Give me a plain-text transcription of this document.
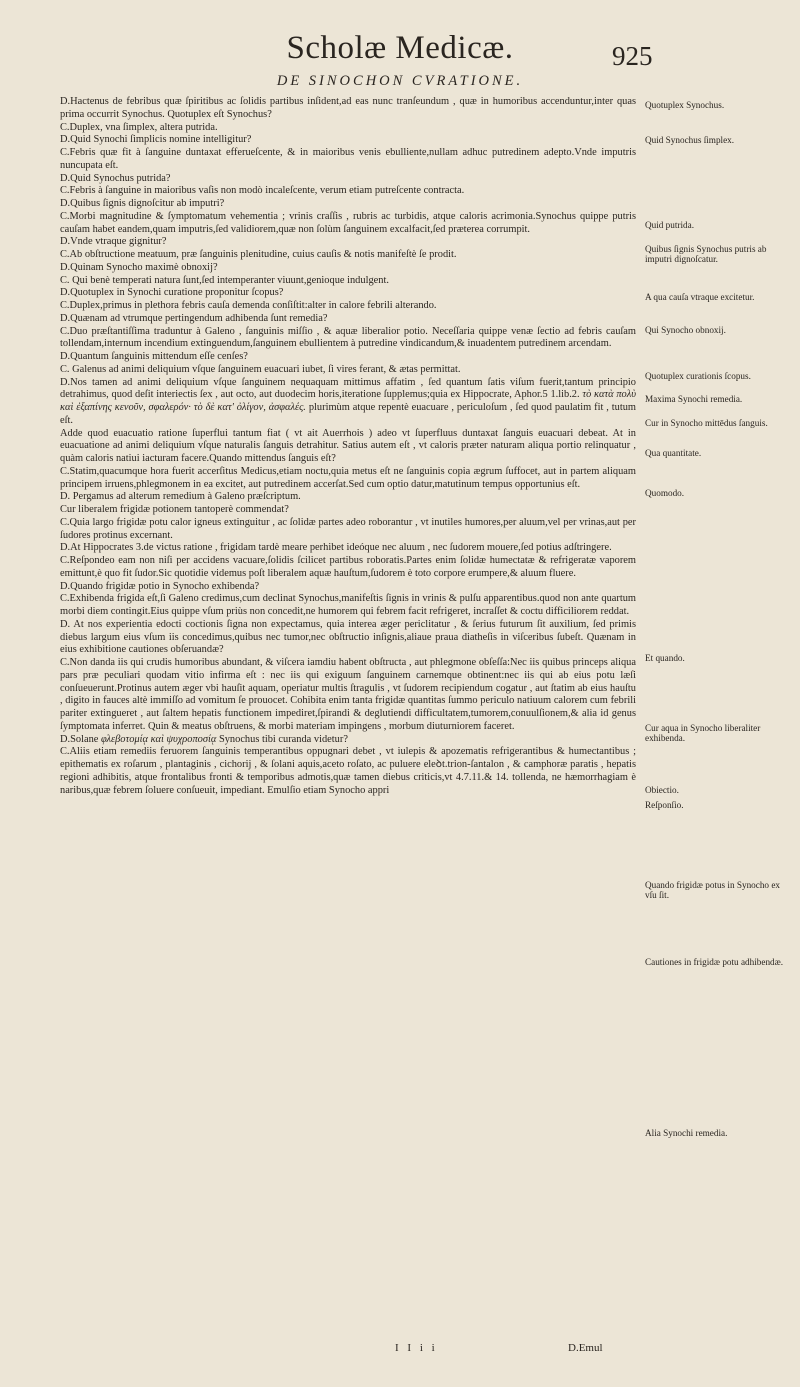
Scholæ Medicæ.	925
DE SINOCHON CVRATIONE.

D.Hactenus de febribus quæ ſpiritibus ac ſolidis partibus inſident,ad eas nunc tranſeundum , quæ in humoribus accenduntur,inter quas prima occurrit Synochus. Quotuplex eſt Synochus?

C.Duplex, vna ſimplex, altera putrida.

D.Quid Synochi ſimplicis nomine intelligitur?

C.Febris quæ fit à ſanguine duntaxat efferueſcente, & in maioribus venis ebulliente,nullam adhuc putredinem adepto.Vnde imputris nuncupata eſt.

D.Quid Synochus putrida?

C.Febris à ſanguine in maioribus vaſis non modò incaleſcente, verum etiam putreſcente contracta.

D.Quibus ſignis dignoſcitur ab imputri?

C.Morbi magnitudine & ſymptomatum vehementia ; vrinis craſſis , rubris ac turbidis, atque caloris acrimonia.Synochus quippe putris cauſam habet eandem,quam imputris,ſed validiorem,quæ non ſolùm ſanguinem excalfacit,ſed præterea corrumpit.

D.Vnde vtraque gignitur?

C.Ab obſtructione meatuum, præ ſanguinis plenitudine, cuius cauſis & notis manifeſtè ſe prodit.

D.Quinam Synocho maximè obnoxij?

C. Qui benè temperati natura ſunt,ſed intemperanter viuunt,genioque indulgent.

D.Quotuplex in Synochi curatione proponitur ſcopus?

C.Duplex,primus in plethora febris cauſa demenda conſiſtit:alter in calore febrili alterando.

D.Quænam ad vtrumque pertingendum adhibenda ſunt remedia?

C.Duo præſtantiſſima traduntur à Galeno , ſanguinis miſſio , & aquæ liberalior potio. Neceſſaria quippe venæ ſectio ad febris cauſam tollendam,internum incendium extinguendum,ſanguinem ebullientem à putredine vindicandum,& inuadentem putredinem arcendam.

D.Quantum ſanguinis mittendum eſſe cenſes?

C. Galenus ad animi deliquium vſque ſanguinem euacuari iubet, ſi vires ferant, & ætas permittat.

D.Nos tamen ad animi deliquium vſque ſanguinem nequaquam mittimus affatim , ſed quantum ſatis viſum fuerit,tantum principio detrahimus, quod deſit interiectis ſex , aut octo, aut duodecim horis,iteratione ſupplemus;quia ex Hippocrate, Aphor.5 1.lib.2. τὸ κατὰ πολὺ καὶ ἐξαπίνης κενοῦν, σφαλερόν· τὸ δὲ κατ' ὀλίγον, ἀσφαλές. plurimùm atque repentè euacuare , periculoſum , ſed quod paulatim fit , tutum eſt.

Adde quod euacuatio ratione ſuperflui tantum fiat ( vt ait Auerrhois ) adeo vt ſuperfluus duntaxat ſanguis euacuari debeat. At in euacuatione ad animi deliquium vſque naturalis ſanguis detrahitur. Satius autem eſt , vt caloris præter naturam aliqua portio relinquatur , quàm caloris natiui iacturam facere.Quando mittendus ſanguis eſt?

C.Statim,quacumque hora fuerit accerſitus Medicus,etiam noctu,quia metus eſt ne ſanguinis copia ægrum ſuffocet, aut in partem aliquam principem irruens,phlegmonem in ea excitet, aut putredinem accerſat.Sed cum optio datur,matutinum tempus opportunius eſt.

D. Pergamus ad alterum remedium à Galeno præſcriptum.

Cur liberalem frigidæ potionem tantoperè commendat?

C.Quia largo frigidæ potu calor igneus extinguitur , ac ſolidæ partes adeo roborantur , vt inutiles humores,per aluum,vel per vrinas,aut per ſudores protinus excernant.

D.At Hippocrates 3.de victus ratione , frigidam tardè meare perhibet ideóque nec aluum , nec ſudorem mouere,ſed potius adſtringere.

C.Reſpondeo eam non niſi per accidens vacuare,ſolidis ſcilicet partibus roboratis.Partes enim ſolidæ humectatæ & refrigeratæ vaporem emittunt,è quo fit ſudor.Sic quotidie videmus poſt liberalem aquæ hauſtum,ſudorem è toto corpore erumpere,& aluum fluere.

D.Quando frigidæ potio in Synocho exhibenda?

C.Exhibenda frigida eſt,ſi Galeno credimus,cum declinat Synochus,manifeſtis ſignis in vrinis & pulſu apparentibus.quod non ante quartum morbi diem contingit.Eius quippe vſum priùs non concedit,ne humorem qui febrem facit refrigeret, incraſſet & coctu difficiliorem reddat.

D. At nos experientia edocti coctionis ſigna non expectamus, quia interea æger periclitatur , & ſerius futurum ſit auxilium, ſed primis diebus largum eius vſum iis concedimus,quibus nec tumor,nec obſtructio inſignis,aliaue praua diatheſis in viſceribus ſubeſt. Quænam in eius exhibitione cautiones obſeruandæ?

C.Non danda iis qui crudis humoribus abundant, & viſcera iamdiu habent obſtructa , aut phlegmone obſeſſa:Nec iis quibus princeps aliqua pars præ peculiari quodam vitio infirma eſt : nec iis qui exiguum ſanguinem carnemque obtinent:nec iis qui ab eius potu læſi conſueuerunt.Protinus autem æger vbi hauſit aquam, operiatur multis ſtragulis , vt ſudorem recipiendum cogatur , aut ſtatim ab eius hauſtu , digito in fauces altè immiſſo ad vomitum ſe prouocet. Cohibita enim tanta frigidæ quantitas ſummo periculo natiuum calorem cum febrili pariter extingueret , aut ſaltem hepatis functionem impediret,ſpirandi & deglutiendi difficultatem,tumorem,conuulſionem,& alia id genus ſymptomata inferret. Quin & meatus obſtruens, & morbi materiam impingens , morbum diuturniorem faceret.

D.Solane φλεβοτομίᾳ καὶ ψυχροποσίᾳ Synochus tibi curanda videtur?

C.Aliis etiam remediis feruorem ſanguinis temperantibus oppugnari debet , vt iulepis & apozematis refrigerantibus & humectantibus ; epithematis ex roſarum , plantaginis , cichorij , & ſolani aquis,aceto roſato, ac puluere eleꝺt.trion-ſantalon , & camphoræ paratis , hepatis regioni adhibitis, atque frontalibus fronti & temporibus admotis,quæ tamen diebus criticis,vt 4.7.11.& 14. tollenda, ne hæmorrhagiam è naribus,quæ febrem ſoluere conſueuit, impediant. Emulſio etiam Synocho appri

Quotuplex Synochus.
Quid Synochus ſimplex.
Quid putrida.
Quibus ſignis Synochus putris ab imputri dignoſcatur.
A qua cauſa vtraque excitetur.
Qui Synocho obnoxij.
Quotuplex curationis ſcopus.
Maxima Synochi remedia.
Cur in Synocho mittēdus ſanguis.
Qua quantitate.
Quomodo.
Et quando.
Cur aqua in Synocho liberaliter exhibenda.
Obiectio.
Reſponſio.
Quando frigidæ potus in Synocho ex vſu ſit.
Cautiones in frigidæ potu adhibendæ.
Alia Synochi remedia.
I I i i	D.Emul
